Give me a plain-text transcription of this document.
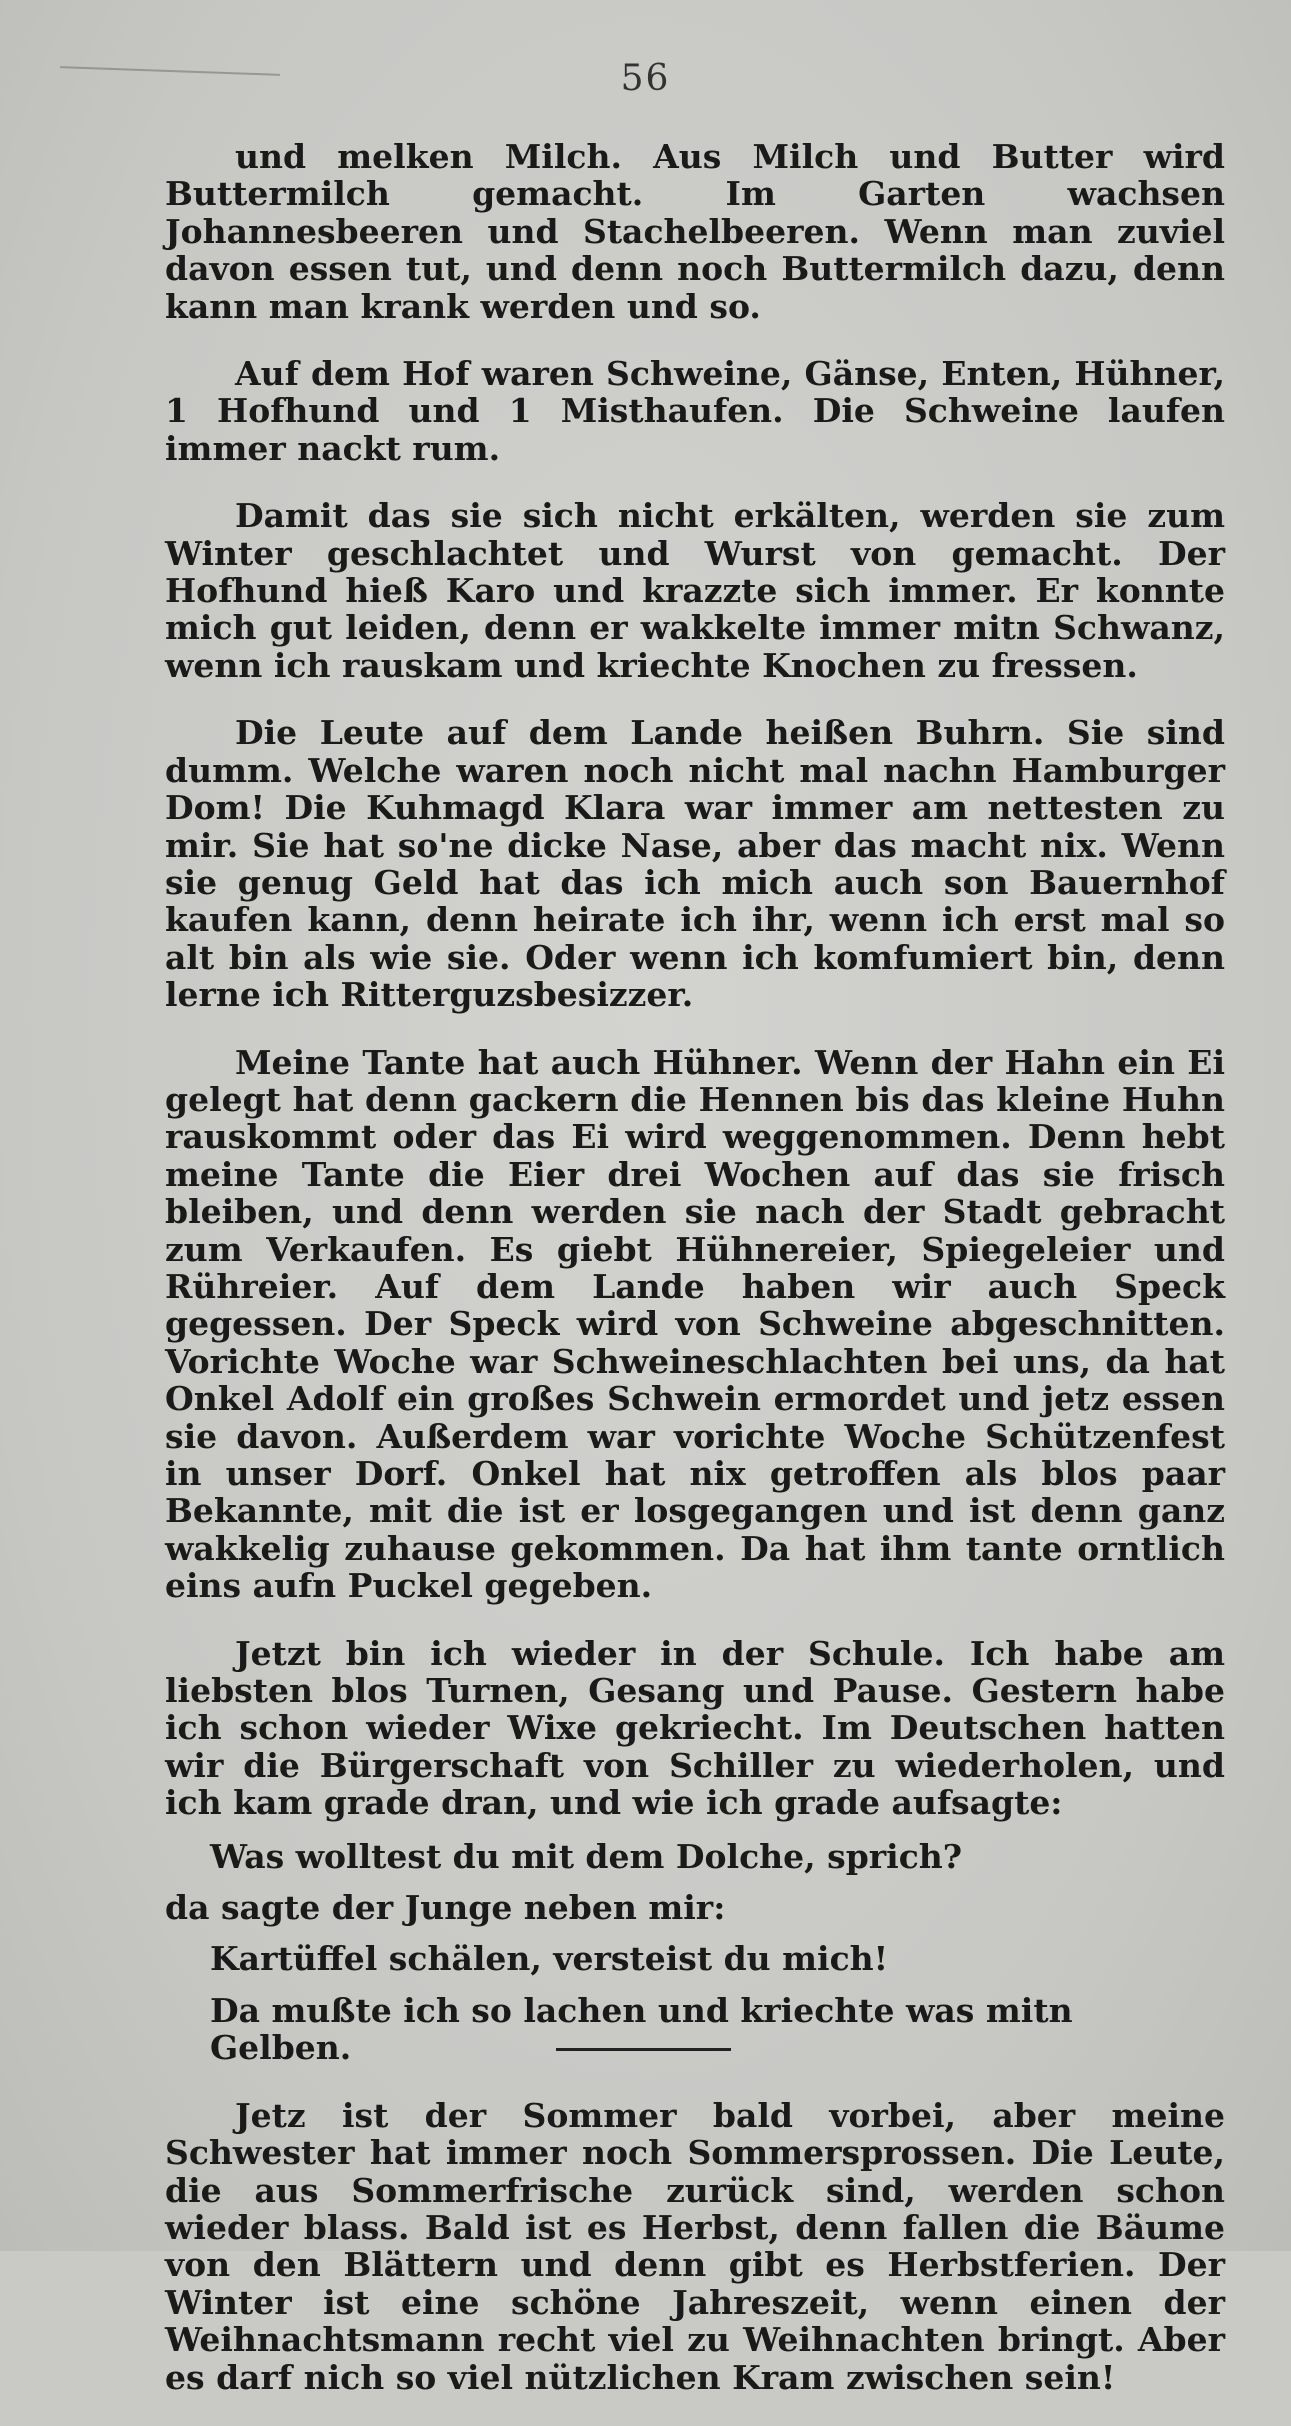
56

und melken Milch. Aus Milch und Butter wird Buttermilch gemacht. Im Garten wachsen Johannesbeeren und Stachelbeeren. Wenn man zuviel davon essen tut, und denn noch Buttermilch dazu, denn kann man krank werden und so.

Auf dem Hof waren Schweine, Gänse, Enten, Hühner, 1 Hofhund und 1 Misthaufen. Die Schweine laufen immer nackt rum.

Damit das sie sich nicht erkälten, werden sie zum Winter geschlachtet und Wurst von gemacht. Der Hofhund hieß Karo und krazzte sich immer. Er konnte mich gut leiden, denn er wakkelte immer mitn Schwanz, wenn ich rauskam und kriechte Knochen zu fressen.

Die Leute auf dem Lande heißen Buhrn. Sie sind dumm. Welche waren noch nicht mal nachn Hamburger Dom! Die Kuhmagd Klara war immer am nettesten zu mir. Sie hat so'ne dicke Nase, aber das macht nix. Wenn sie genug Geld hat das ich mich auch son Bauernhof kaufen kann, denn heirate ich ihr, wenn ich erst mal so alt bin als wie sie. Oder wenn ich komfumiert bin, denn lerne ich Ritterguzsbesizzer.

Meine Tante hat auch Hühner. Wenn der Hahn ein Ei gelegt hat denn gackern die Hennen bis das kleine Huhn rauskommt oder das Ei wird weggenommen. Denn hebt meine Tante die Eier drei Wochen auf das sie frisch bleiben, und denn werden sie nach der Stadt gebracht zum Verkaufen. Es giebt Hühnereier, Spiegeleier und Rühreier. Auf dem Lande haben wir auch Speck gegessen. Der Speck wird von Schweine abgeschnitten. Vorichte Woche war Schweineschlachten bei uns, da hat Onkel Adolf ein großes Schwein ermordet und jetz essen sie davon. Außerdem war vorichte Woche Schützenfest in unser Dorf. Onkel hat nix getroffen als blos paar Bekannte, mit die ist er losgegangen und ist denn ganz wakkelig zuhause gekommen. Da hat ihm tante orntlich eins aufn Puckel gegeben.

Jetzt bin ich wieder in der Schule. Ich habe am liebsten blos Turnen, Gesang und Pause. Gestern habe ich schon wieder Wixe gekriecht. Im Deutschen hatten wir die Bürgerschaft von Schiller zu wiederholen, und ich kam grade dran, und wie ich grade aufsagte:

Was wolltest du mit dem Dolche, sprich?

da sagte der Junge neben mir:

Kartüffel schälen, versteist du mich!

Da mußte ich so lachen und kriechte was mitn Gelben.

Jetz ist der Sommer bald vorbei, aber meine Schwester hat immer noch Sommersprossen. Die Leute, die aus Sommerfrische zurück sind, werden schon wieder blass. Bald ist es Herbst, denn fallen die Bäume von den Blättern und denn gibt es Herbstferien. Der Winter ist eine schöne Jahreszeit, wenn einen der Weihnachtsmann recht viel zu Weihnachten bringt. Aber es darf nich so viel nützlichen Kram zwischen sein!
